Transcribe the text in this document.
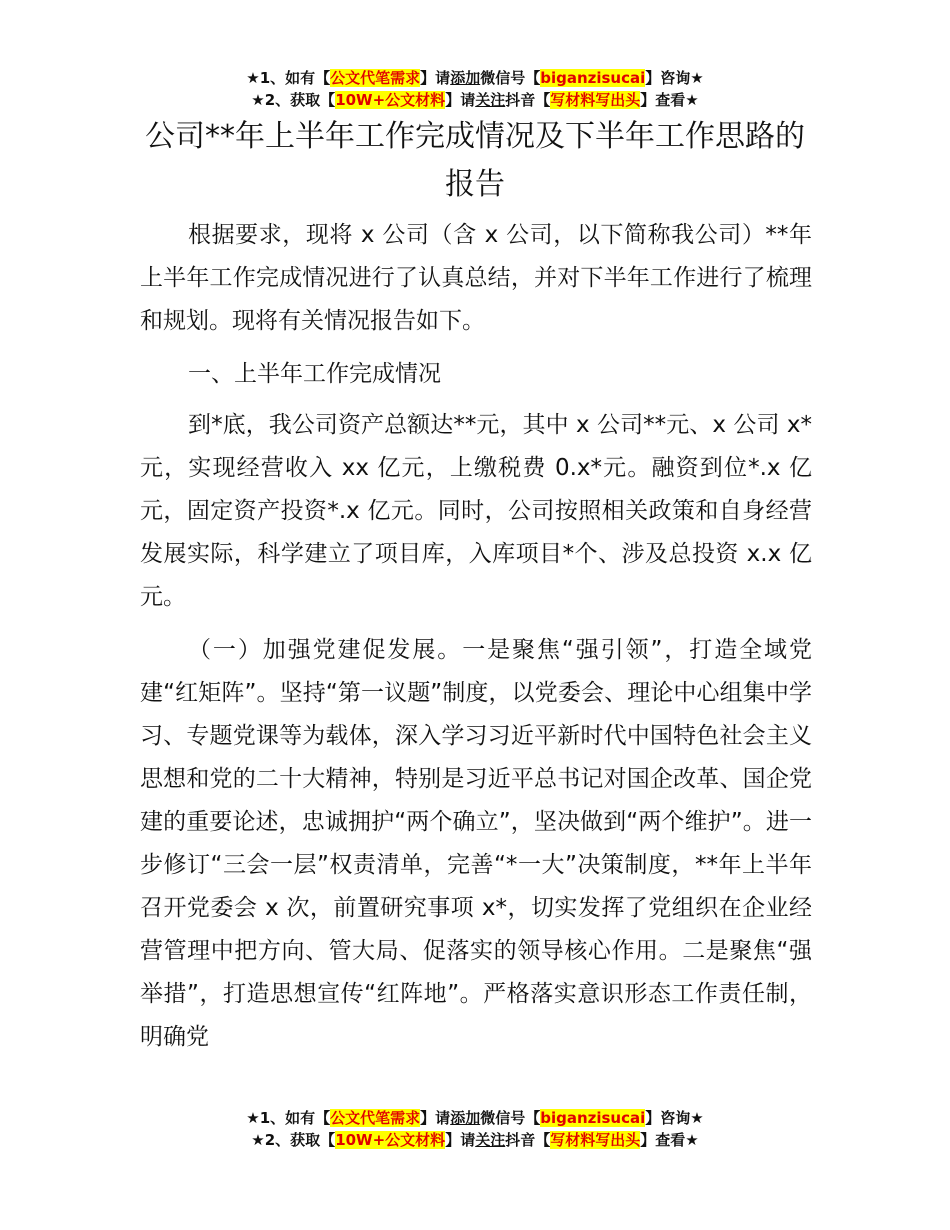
★1、如有【公文代笔需求】请添加微信号【biganzisucai】咨询★
★2、获取【10W+公文材料】请关注抖音【写材料写出头】查看★
公司**年上半年工作完成情况及下半年工作思路的报告

根据要求，现将 x 公司（含 x 公司，以下简称我公司）**年上半年工作完成情况进行了认真总结，并对下半年工作进行了梳理和规划。现将有关情况报告如下。

一、上半年工作完成情况

到*底，我公司资产总额达**元，其中 x 公司**元、x 公司 x*元，实现经营收入 xx 亿元，上缴税费 0.x*元。融资到位*.x 亿元，固定资产投资*.x 亿元。同时，公司按照相关政策和自身经营发展实际，科学建立了项目库，入库项目*个、涉及总投资 x.x 亿元。

（一）加强党建促发展。一是聚焦“强引领”，打造全域党建“红矩阵”。坚持“第一议题”制度，以党委会、理论中心组集中学习、专题党课等为载体，深入学习习近平新时代中国特色社会主义思想和党的二十大精神，特别是习近平总书记对国企改革、国企党建的重要论述，忠诚拥护“两个确立”，坚决做到“两个维护”。进一步修订“三会一层”权责清单，完善“*一大”决策制度，**年上半年召开党委会 x 次，前置研究事项 x*，切实发挥了党组织在企业经营管理中把方向、管大局、促落实的领导核心作用。二是聚焦“强举措”，打造思想宣传“红阵地”。严格落实意识形态工作责任制，明确党

★1、如有【公文代笔需求】请添加微信号【biganzisucai】咨询★
★2、获取【10W+公文材料】请关注抖音【写材料写出头】查看★
